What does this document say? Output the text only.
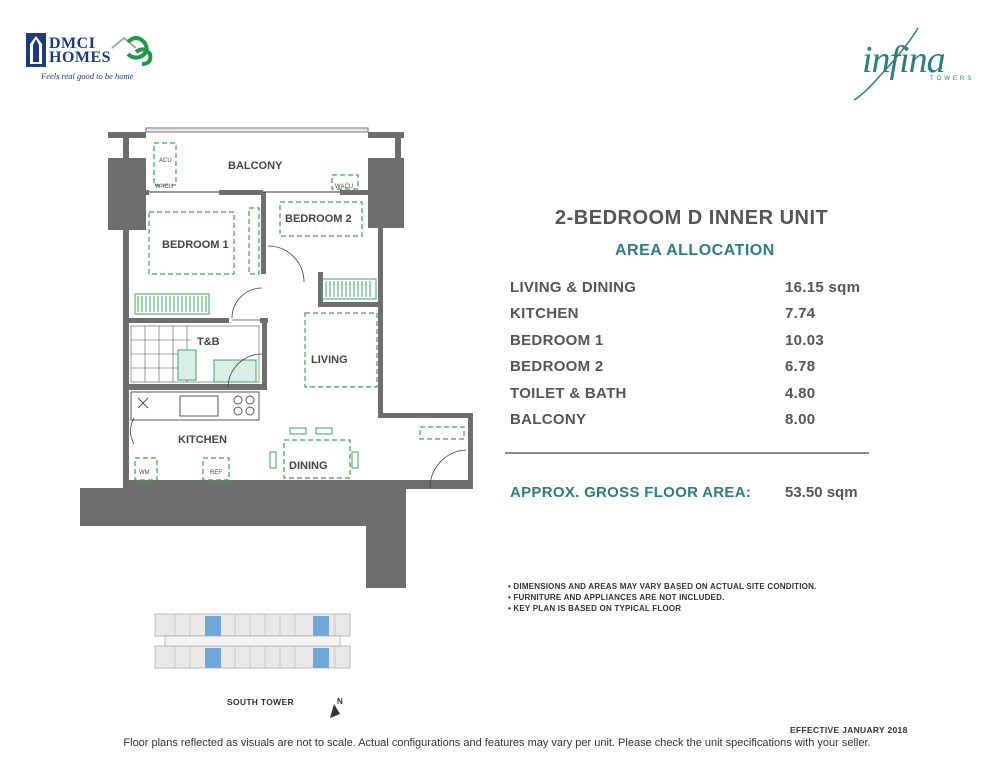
DMCI
HOMES
Feels real good to be home	infina
TOWERS
BALCONY
BEDROOM 1
BEDROOM 2
T&B
LIVING
KITCHEN
DINING
WACU	WACU
ACU
WM	REF
SOUTH TOWER	N
2-BEDROOM D INNER UNIT
AREA ALLOCATION
LIVING & DINING	16.15 sqm
KITCHEN	7.74
BEDROOM 1	10.03
BEDROOM 2	6.78
TOILET & BATH	4.80
BALCONY	8.00
APPROX. GROSS FLOOR AREA: 53.50 sqm
• DIMENSIONS AND AREAS MAY VARY BASED ON ACTUAL SITE CONDITION.
• FURNITURE AND APPLIANCES ARE NOT INCLUDED.
• KEY PLAN IS BASED ON TYPICAL FLOOR
EFFECTIVE JANUARY 2018
Floor plans reflected as visuals are not to scale. Actual configurations and features may vary per unit. Please check the unit specifications with your seller.
